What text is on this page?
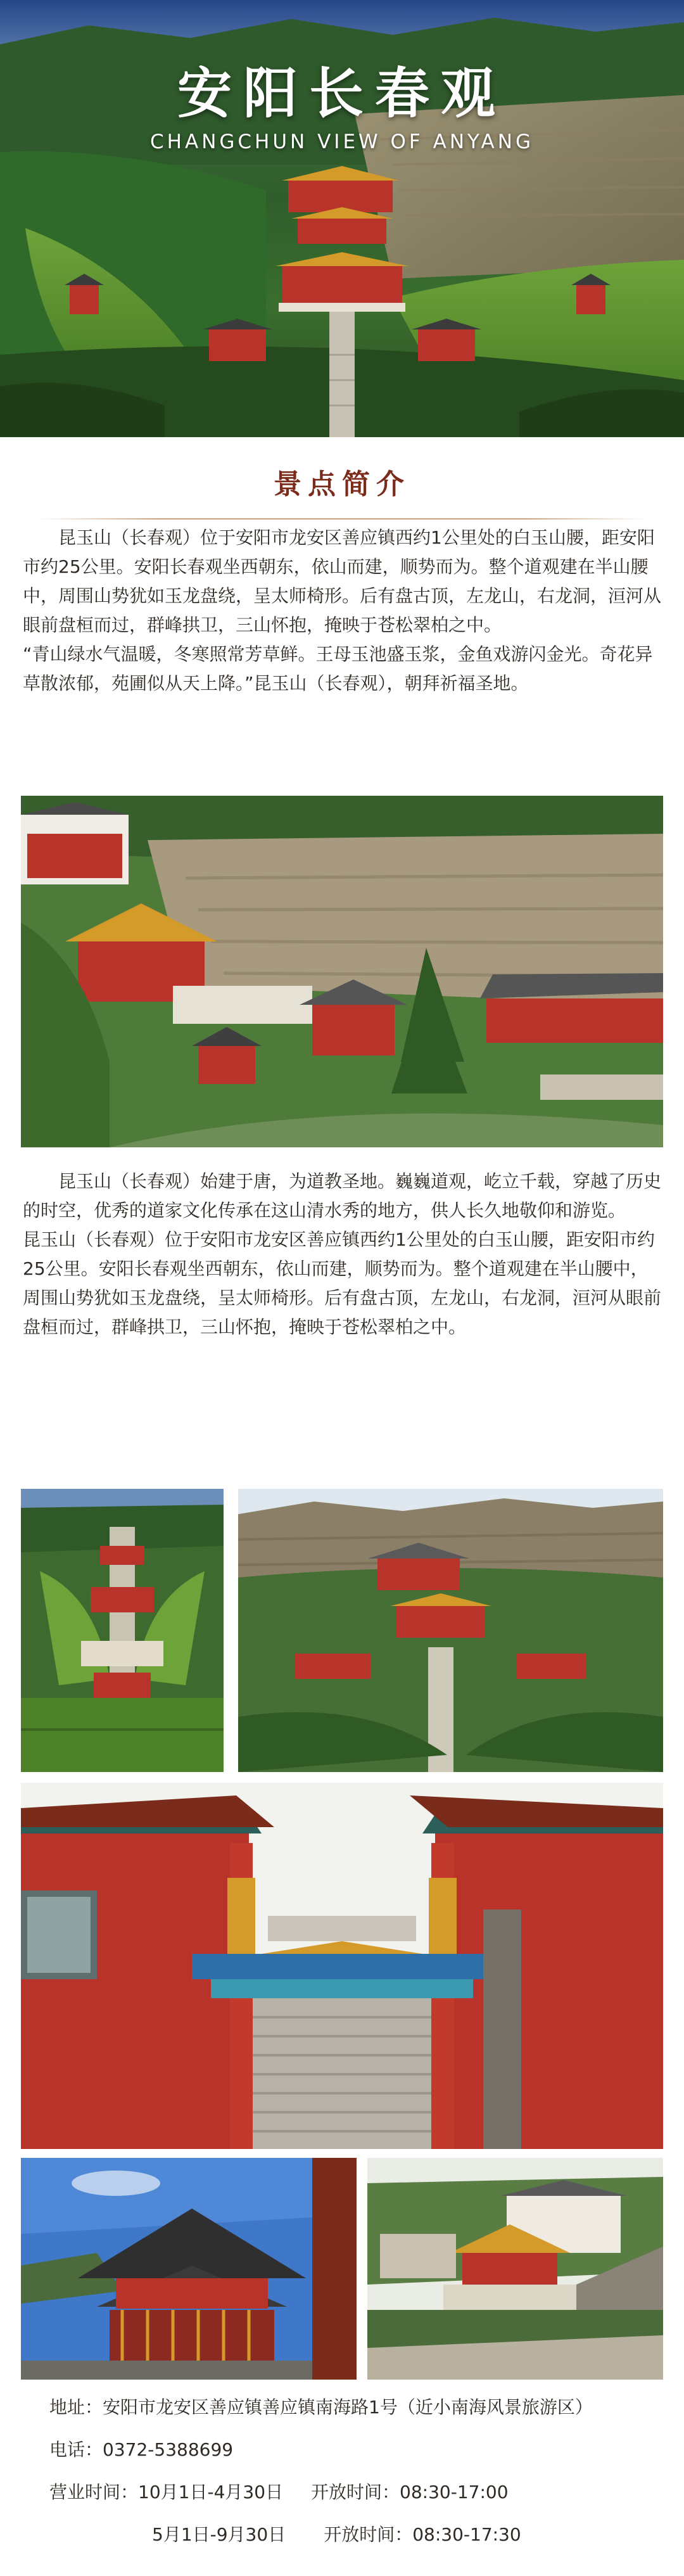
安阳长春观
CHANGCHUN VIEW OF ANYANG
景点简介

昆玉山（长春观）位于安阳市龙安区善应镇西约1公里处的白玉山腰，距安阳市约25公里。安阳长春观坐西朝东，依山而建，顺势而为。整个道观建在半山腰中，周围山势犹如玉龙盘绕，呈太师椅形。后有盘古顶，左龙山，右龙洞，洹河从眼前盘桓而过，群峰拱卫，三山怀抱，掩映于苍松翠柏之中。

“青山绿水气温暖，冬寒照常芳草鲜。王母玉池盛玉浆，金鱼戏游闪金光。奇花异草散浓郁，苑圃似从天上降。”昆玉山（长春观），朝拜祈福圣地。

昆玉山（长春观）始建于唐，为道教圣地。巍巍道观，屹立千载，穿越了历史的时空，优秀的道家文化传承在这山清水秀的地方，供人长久地敬仰和游览。

昆玉山（长春观）位于安阳市龙安区善应镇西约1公里处的白玉山腰，距安阳市约25公里。安阳长春观坐西朝东，依山而建，顺势而为。整个道观建在半山腰中，周围山势犹如玉龙盘绕，呈太师椅形。后有盘古顶，左龙山，右龙洞，洹河从眼前盘桓而过，群峰拱卫，三山怀抱，掩映于苍松翠柏之中。

地址：安阳市龙安区善应镇善应镇南海路1号（近小南海风景旅游区）
电话：0372-5388699
营业时间：10月1日-4月30日 开放时间：08:30-17:00
5月1日-9月30日 开放时间：08:30-17:30
